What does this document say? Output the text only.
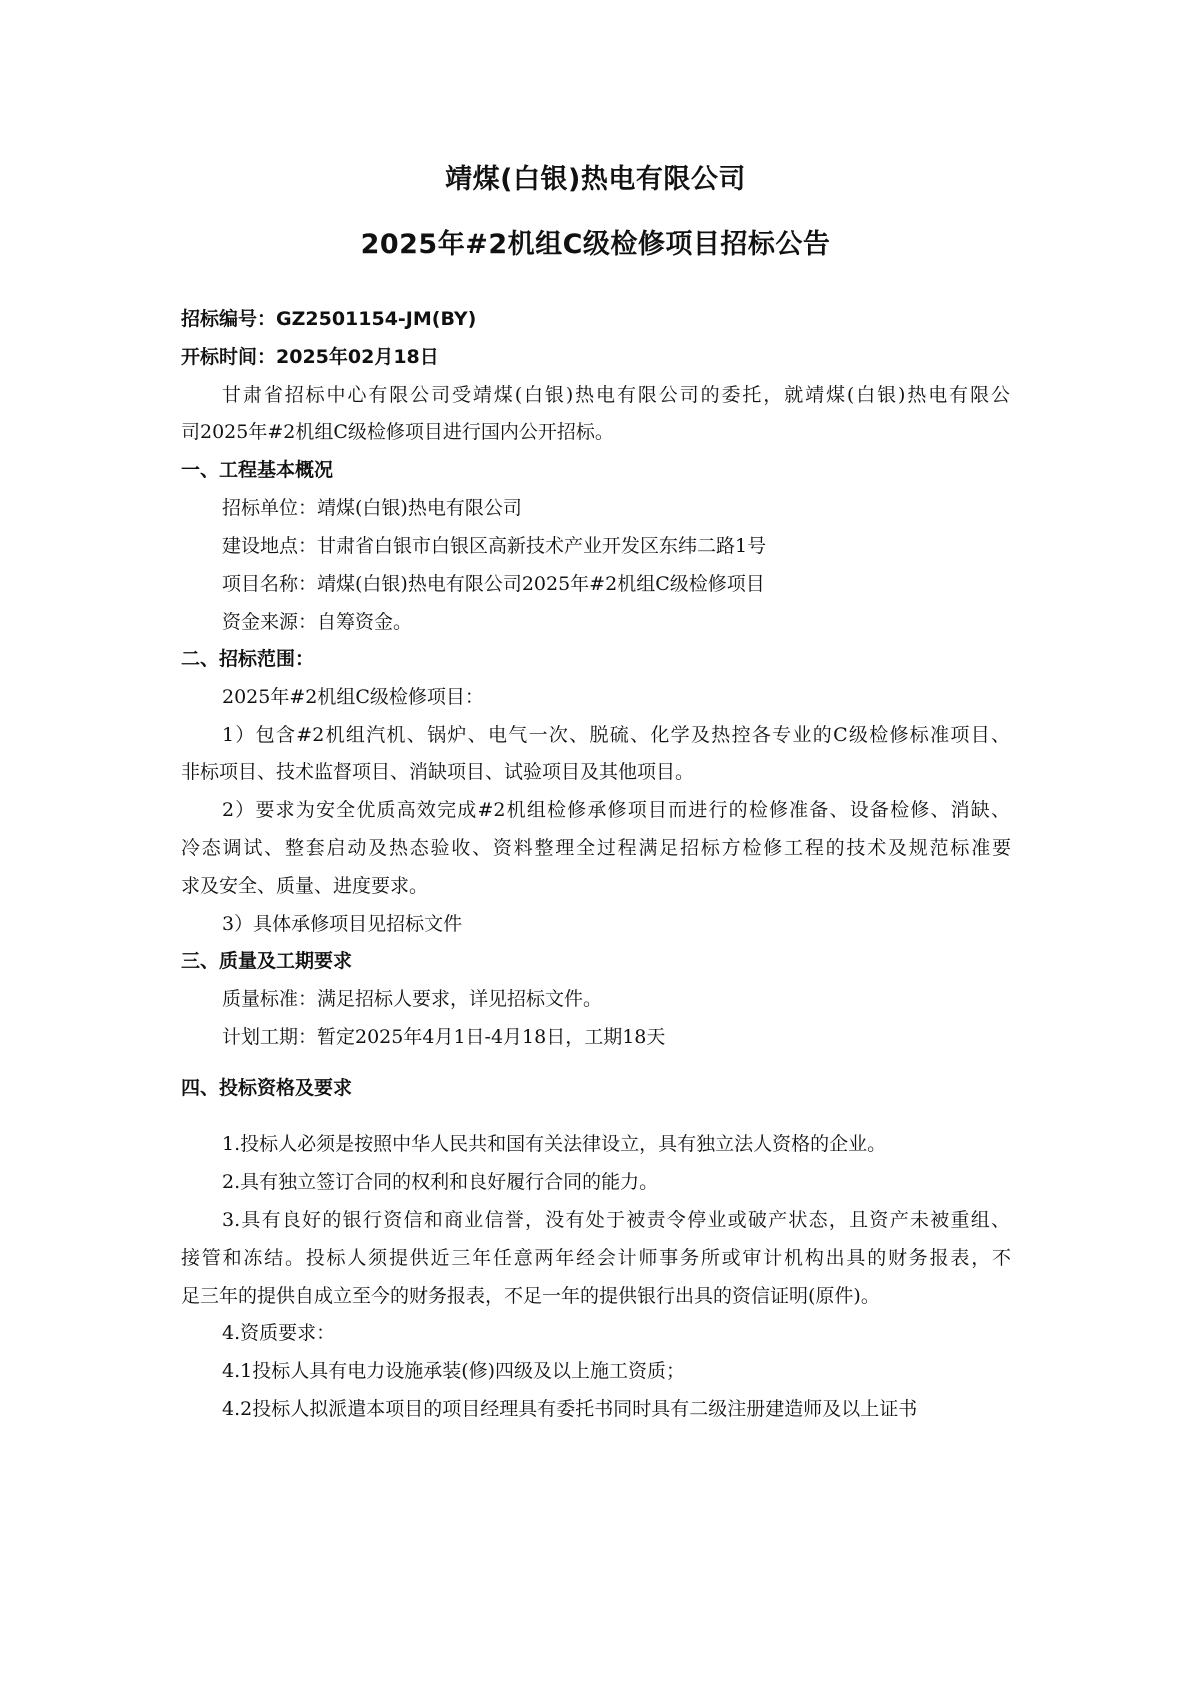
靖煤(白银)热电有限公司
2025年#2机组C级检修项目招标公告
招标编号：GZ2501154-JM(BY)
开标时间：2025年02月18日
甘肃省招标中心有限公司受靖煤(白银)热电有限公司的委托，就靖煤(白银)热电有限公
司2025年#2机组C级检修项目进行国内公开招标。
一、工程基本概况
招标单位：靖煤(白银)热电有限公司
建设地点：甘肃省白银市白银区高新技术产业开发区东纬二路1号
项目名称：靖煤(白银)热电有限公司2025年#2机组C级检修项目
资金来源：自筹资金。
二、招标范围：
2025年#2机组C级检修项目：
1）包含#2机组汽机、锅炉、电气一次、脱硫、化学及热控各专业的C级检修标准项目、
非标项目、技术监督项目、消缺项目、试验项目及其他项目。
2）要求为安全优质高效完成#2机组检修承修项目而进行的检修准备、设备检修、消缺、
冷态调试、整套启动及热态验收、资料整理全过程满足招标方检修工程的技术及规范标准要
求及安全、质量、进度要求。
3）具体承修项目见招标文件
三、质量及工期要求
质量标准：满足招标人要求，详见招标文件。
计划工期：暂定2025年4月1日-4月18日，工期18天
四、投标资格及要求
1.投标人必须是按照中华人民共和国有关法律设立，具有独立法人资格的企业。
2.具有独立签订合同的权利和良好履行合同的能力。
3.具有良好的银行资信和商业信誉，没有处于被责令停业或破产状态，且资产未被重组、
接管和冻结。投标人须提供近三年任意两年经会计师事务所或审计机构出具的财务报表，不
足三年的提供自成立至今的财务报表，不足一年的提供银行出具的资信证明(原件)。
4.资质要求：
4.1投标人具有电力设施承装(修)四级及以上施工资质；
4.2投标人拟派遣本项目的项目经理具有委托书同时具有二级注册建造师及以上证书
